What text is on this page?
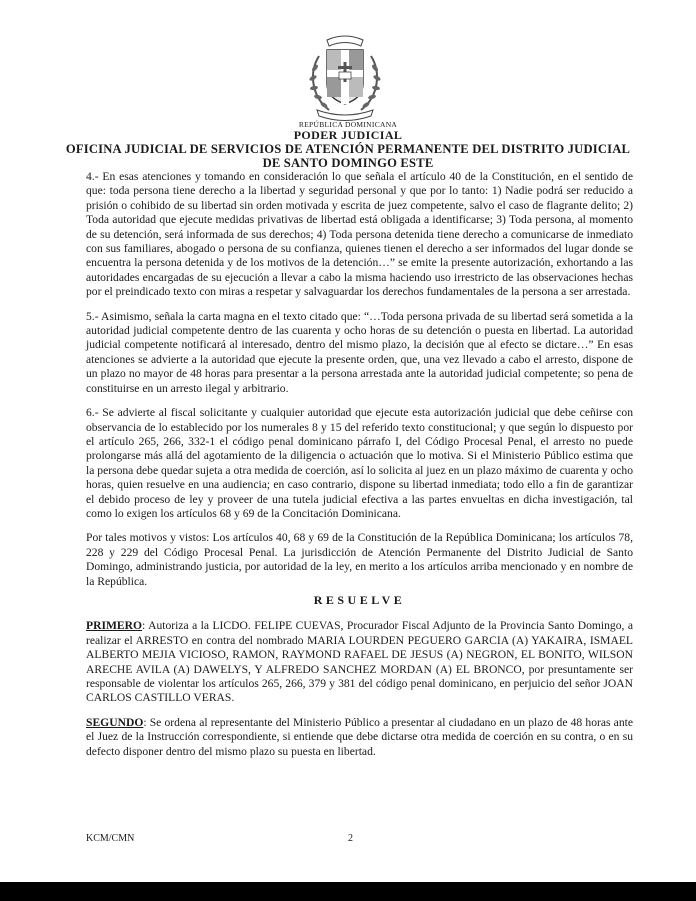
REPÚBLICA DOMINICANA
PODER JUDICIAL
OFICINA JUDICIAL DE SERVICIOS DE ATENCIÓN PERMANENTE DEL DISTRITO JUDICIAL
DE SANTO DOMINGO ESTE

4.- En esas atenciones y tomando en consideración lo que señala el artículo 40 de la Constitución, en el sentido de que: toda persona tiene derecho a la libertad y seguridad personal y que por lo tanto: 1) Nadie podrá ser reducido a prisión o cohibido de su libertad sin orden motivada y escrita de juez competente, salvo el caso de flagrante delito; 2) Toda autoridad que ejecute medidas privativas de libertad está obligada a identificarse; 3) Toda persona, al momento de su detención, será informada de sus derechos; 4) Toda persona detenida tiene derecho a comunicarse de inmediato con sus familiares, abogado o persona de su confianza, quienes tienen el derecho a ser informados del lugar donde se encuentra la persona detenida y de los motivos de la detención…” se emite la presente autorización, exhortando a las autoridades encargadas de su ejecución a llevar a cabo la misma haciendo uso irrestricto de las observaciones hechas por el preindicado texto con miras a respetar y salvaguardar los derechos fundamentales de la persona a ser arrestada.

5.- Asimismo, señala la carta magna en el texto citado que: “…Toda persona privada de su libertad será sometida a la autoridad judicial competente dentro de las cuarenta y ocho horas de su detención o puesta en libertad. La autoridad judicial competente notificará al interesado, dentro del mismo plazo, la decisión que al efecto se dictare…” En esas atenciones se advierte a la autoridad que ejecute la presente orden, que, una vez llevado a cabo el arresto, dispone de un plazo no mayor de 48 horas para presentar a la persona arrestada ante la autoridad judicial competente; so pena de constituirse en un arresto ilegal y arbitrario.

6.- Se advierte al fiscal solicitante y cualquier autoridad que ejecute esta autorización judicial que debe ceñirse con observancia de lo establecido por los numerales 8 y 15 del referido texto constitucional; y que según lo dispuesto por el artículo 265, 266, 332-1 el código penal dominicano párrafo I, del Código Procesal Penal, el arresto no puede prolongarse más allá del agotamiento de la diligencia o actuación que lo motiva. Si el Ministerio Público estima que la persona debe quedar sujeta a otra medida de coerción, así lo solicita al juez en un plazo máximo de cuarenta y ocho horas, quien resuelve en una audiencia; en caso contrario, dispone su libertad inmediata; todo ello a fin de garantizar el debido proceso de ley y proveer de una tutela judicial efectiva a las partes envueltas en dicha investigación, tal como lo exigen los artículos 68 y 69 de la Concitación Dominicana.

Por tales motivos y vistos: Los artículos 40, 68 y 69 de la Constitución de la República Dominicana; los artículos 78, 228 y 229 del Código Procesal Penal. La jurisdicción de Atención Permanente del Distrito Judicial de Santo Domingo, administrando justicia, por autoridad de la ley, en merito a los artículos arriba mencionado y en nombre de la República.

RESUELVE

PRIMERO: Autoriza a la LICDO. FELIPE CUEVAS, Procurador Fiscal Adjunto de la Provincia Santo Domingo, a realizar el ARRESTO en contra del nombrado MARIA LOURDEN PEGUERO GARCIA (A) YAKAIRA, ISMAEL ALBERTO MEJIA VICIOSO, RAMON, RAYMOND RAFAEL DE JESUS (A) NEGRON, EL BONITO, WILSON ARECHE AVILA (A) DAWELYS, Y ALFREDO SANCHEZ MORDAN (A) EL BRONCO, por presuntamente ser responsable de violentar los artículos 265, 266, 379 y 381 del código penal dominicano, en perjuicio del señor JOAN CARLOS CASTILLO VERAS.

SEGUNDO: Se ordena al representante del Ministerio Público a presentar al ciudadano en un plazo de 48 horas ante el Juez de la Instrucción correspondiente, si entiende que debe dictarse otra medida de coerción en su contra, o en su defecto disponer dentro del mismo plazo su puesta en libertad.

KCM/CMN	2
